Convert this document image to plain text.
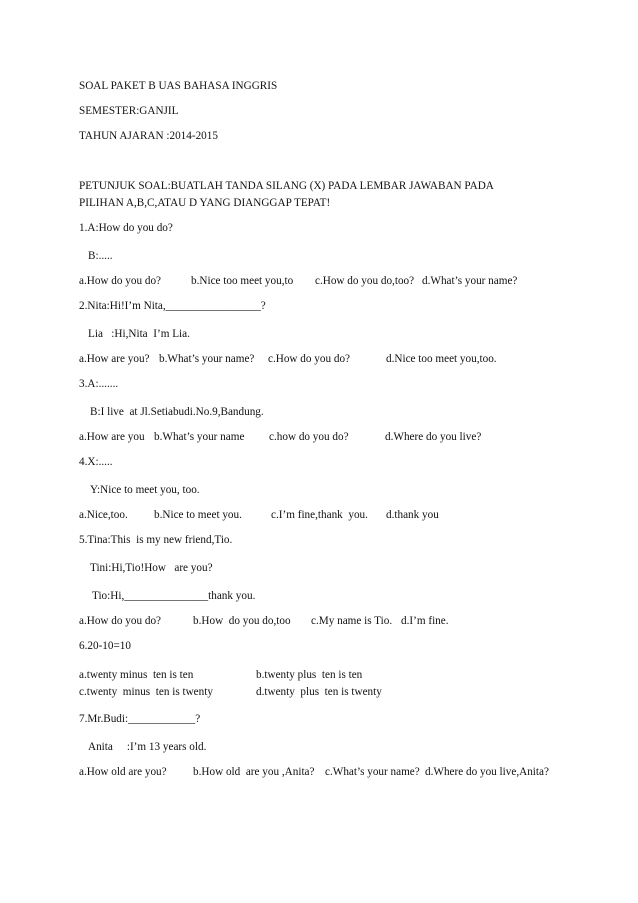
SOAL PAKET B UAS BAHASA INGGRIS
SEMESTER:GANJIL
TAHUN AJARAN :2014-2015
PETUNJUK SOAL:BUATLAH TANDA SILANG (X) PADA LEMBAR JAWABAN PADA
PILIHAN A,B,C,ATAU D YANG DIANGGAP TEPAT!
1.A:How do you do?
B:.....
a.How do you do?	b.Nice too meet you,to c.How do you do,too? d.What’s your name?
2.Nita:Hi!I’m Nita,_________________?
Lia   :Hi,Nita  I’m Lia.
a.How are you? b.What’s your name? c.How do you do?	d.Nice too meet you,too.
3.A:.......
B:I live  at Jl.Setiabudi.No.9,Bandung.
a.How are you b.What’s your name c.how do you do?	d.Where do you live?
4.X:.....
Y:Nice to meet you, too.
a.Nice,too. b.Nice to meet you.	c.I’m fine,thank  you. d.thank you
5.Tina:This  is my new friend,Tio.
Tini:Hi,Tio!How   are you?
Tio:Hi,_______________thank you.
a.How do you do?	b.How  do you do,too c.My name is Tio. d.I’m fine.
6.20-10=10
a.twenty minus  ten is ten	b.twenty plus  ten is ten
c.twenty  minus  ten is twenty	d.twenty  plus  ten is twenty
7.Mr.Budi:____________?
Anita     :I’m 13 years old.
a.How old are you? b.How old  are you ,Anita? c.What’s your name? d.Where do you live,Anita?
